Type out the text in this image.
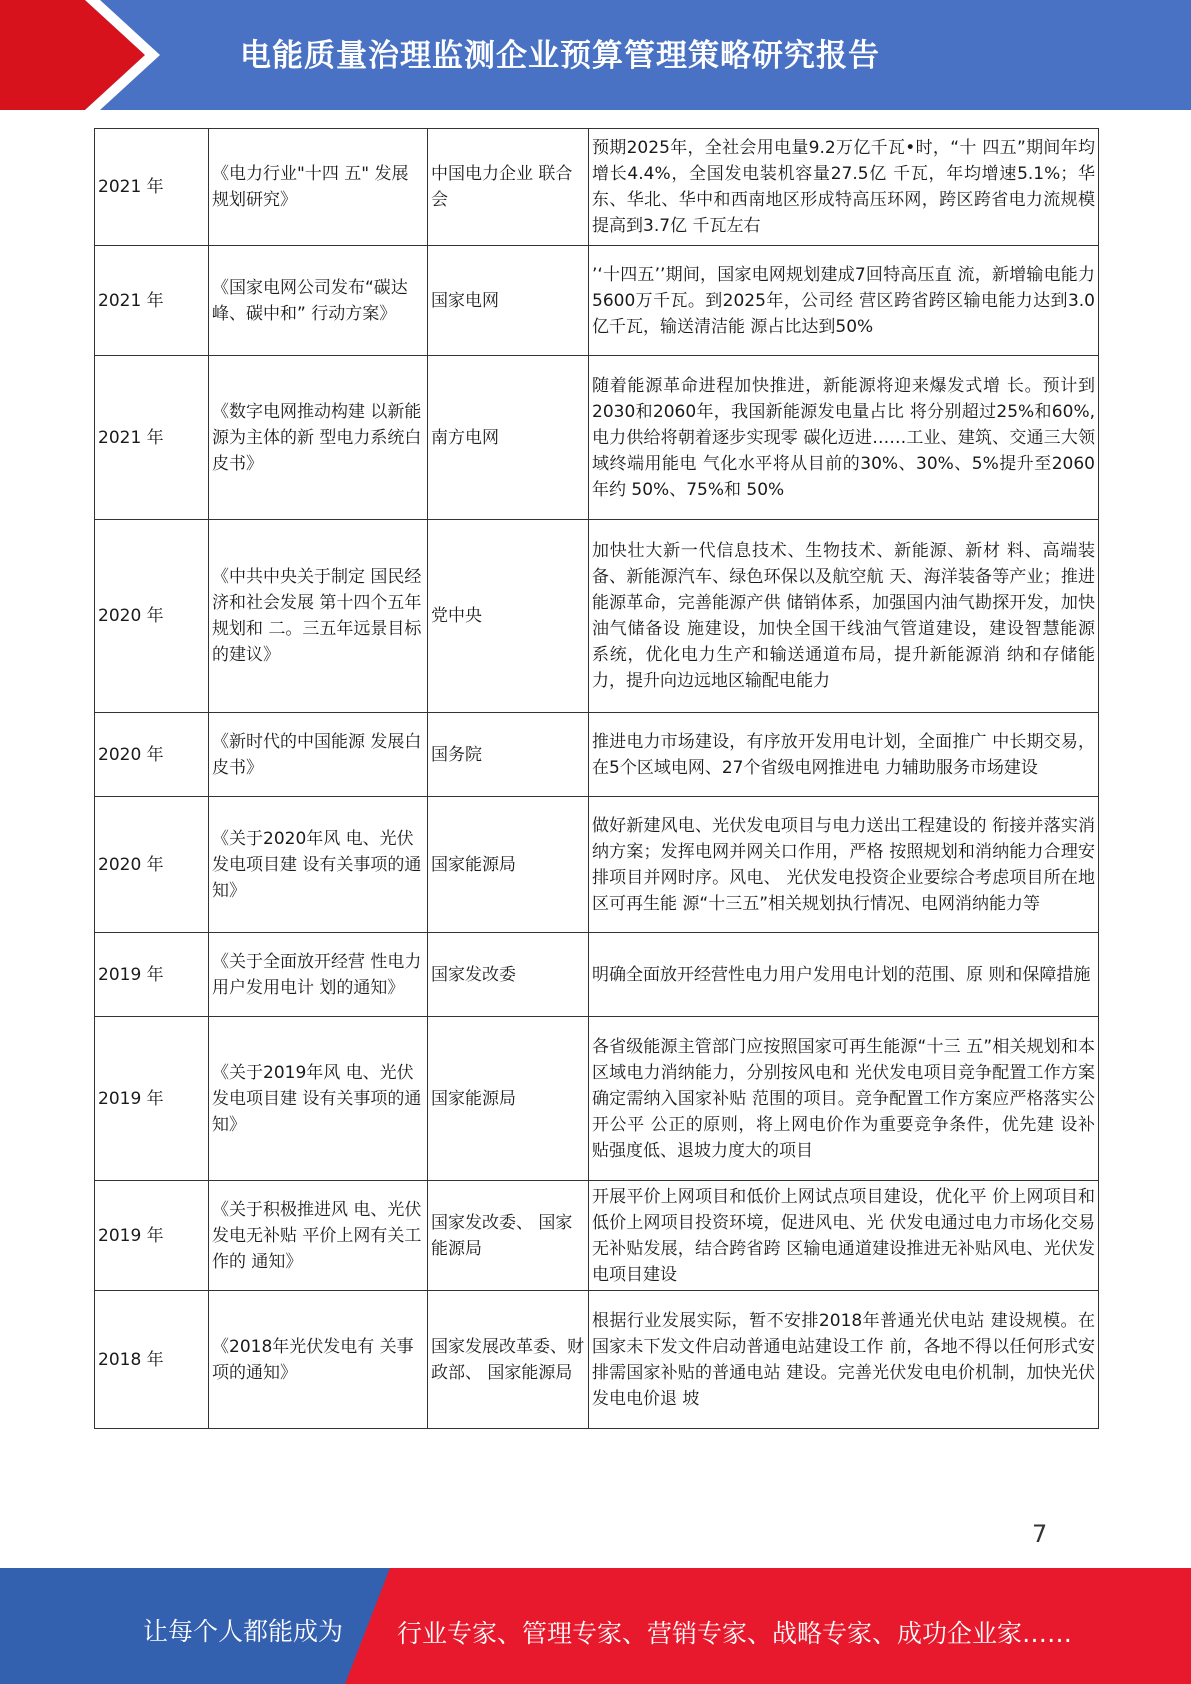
电能质量治理监测企业预算管理策略研究报告
2021 年	《电力行业"十四 五" 发展规划研究》	中国电力企业 联合会	预期2025年，全社会用电量9.2万亿千瓦•时，“十 四五”期间年均增长4.4%，全国发电装机容量27.5亿 千瓦，年均增速5.1%；华东、华北、华中和西南地区形成特高压环网，跨区跨省电力流规模提高到3.7亿 千瓦左右
2021 年	《国家电网公司发布“碳达峰、碳中和” 行动方案》	国家电网	’‘十四五’’期间，国家电网规划建成7回特高压直 流，新增输电能力5600万千瓦。到2025年，公司经 营区跨省跨区输电能力达到3.0亿千瓦，输送清洁能 源占比达到50%
2021 年	《数字电网推动构建 以新能源为主体的新 型电力系统白皮书》	南方电网	随着能源革命进程加快推进，新能源将迎来爆发式增 长。预计到2030和2060年，我国新能源发电量占比 将分别超过25%和60%,电力供给将朝着逐步实现零 碳化迈进……工业、建筑、交通三大领域终端用能电 气化水平将从目前的30%、30%、5%提升至2060年约 50%、75%和 50%
2020 年	《中共中央关于制定 国民经济和社会发展 第十四个五年规划和 二。三五年远景目标 的建议》	党中央	加快壮大新一代信息技术、生物技术、新能源、新材 料、高端装备、新能源汽车、绿色环保以及航空航 天、海洋装备等产业；推进能源革命，完善能源产供 储销体系，加强国内油气勘探开发，加快油气储备设 施建设，加快全国干线油气管道建设，建设智慧能源 系统，优化电力生产和输送通道布局，提升新能源消 纳和存储能力，提升向边远地区输配电能力
2020 年	《新时代的中国能源 发展白皮书》	国务院	推进电力市场建设，有序放开发用电计划，全面推广 中长期交易，在5个区域电网、27个省级电网推进电 力辅助服务市场建设
2020 年	《关于2020年风 电、光伏发电项目建 设有关事项的通知》	国家能源局	做好新建风电、光伏发电项目与电力送出工程建设的 衔接并落实消纳方案；发挥电网并网关口作用，严格 按照规划和消纳能力合理安排项目并网时序。风电、 光伏发电投资企业要综合考虑项目所在地区可再生能 源“十三五”相关规划执行情况、电网消纳能力等
2019 年	《关于全面放开经营 性电力用户发用电计 划的通知》	国家发改委	明确全面放开经营性电力用户发用电计划的范围、原 则和保障措施
2019 年	《关于2019年风 电、光伏发电项目建 设有关事项的通知》	国家能源局	各省级能源主管部门应按照国家可再生能源“十三 五”相关规划和本区域电力消纳能力，分别按风电和 光伏发电项目竞争配置工作方案确定需纳入国家补贴 范围的项目。竞争配置工作方案应严格落实公开公平 公正的原则，将上网电价作为重要竞争条件，优先建 设补贴强度低、退坡力度大的项目
2019 年	《关于积极推进风 电、光伏发电无补贴 平价上网有关工作的 通知》	国家发改委、 国家能源局	开展平价上网项目和低价上网试点项目建设，优化平 价上网项目和低价上网项目投资环境，促进风电、光 伏发电通过电力市场化交易无补贴发展，结合跨省跨 区输电通道建设推进无补贴风电、光伏发电项目建设
2018 年	《2018年光伏发电有 关事项的通知》	国家发展改革委、财政部、 国家能源局	根据行业发展实际，暂不安排2018年普通光伏电站 建设规模。在国家未下发文件启动普通电站建设工作 前，各地不得以任何形式安排需国家补贴的普通电站 建设。完善光伏发电电价机制，加快光伏发电电价退 坡
7
让每个人都能成为 行业专家、管理专家、营销专家、战略专家、成功企业家……
